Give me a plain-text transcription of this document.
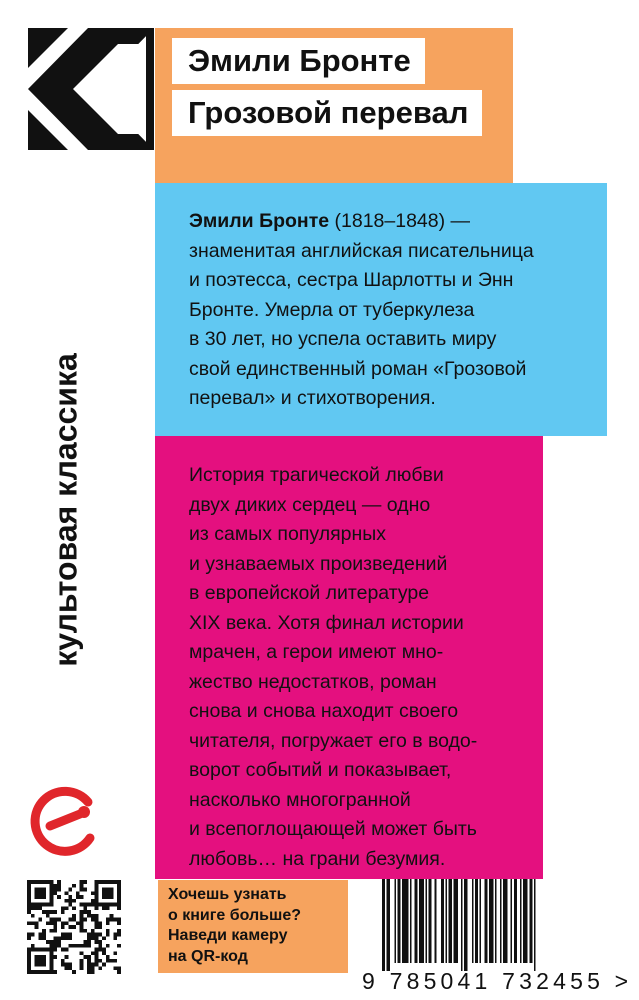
Эмили Бронте
Грозовой перевал
культовая классика
Эмили Бронте (1818–1848) —
знаменитая английская писательница
и поэтесса, сестра Шарлотты и Энн
Бронте. Умерла от туберкулеза
в 30 лет, но успела оставить миру
свой единственный роман «Грозовой
перевал» и стихотворения.
История трагической любви
двух диких сердец — одно
из самых популярных
и узнаваемых произведений
в европейской литературе
XIX века. Хотя финал истории
мрачен, а герои имеют мно-
жество недостатков, роман
снова и снова находит своего
читателя, погружает его в водо-
ворот событий и показывает,
насколько многогранной
и всепоглощающей может быть
любовь… на грани безумия.
Хочешь узнать
о книге больше?
Наведи камеру
на QR-код
9 785041 732455 >
